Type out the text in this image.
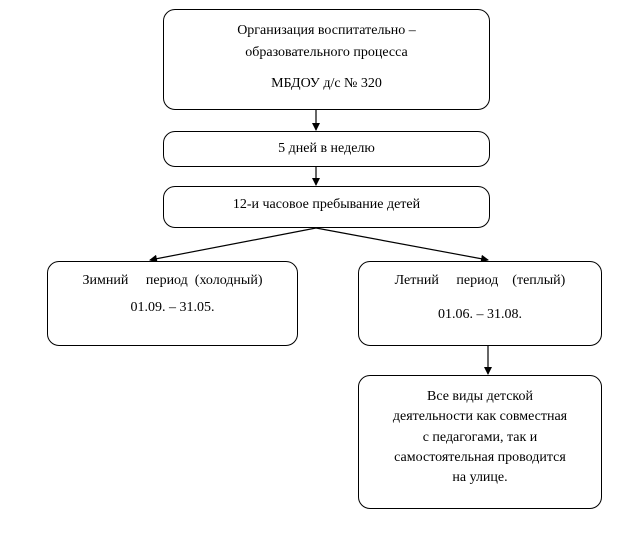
Организация воспитательно –
образовательного процесса
МБДОУ д/с № 320
5 дней в неделю
12-и часовое пребывание детей
Зимний     период  (холодный)
01.09. – 31.05.
Летний     период    (теплый)
01.06. – 31.08.
Все виды детской
деятельности как совместная
с педагогами, так и
самостоятельная проводится
на улице.
